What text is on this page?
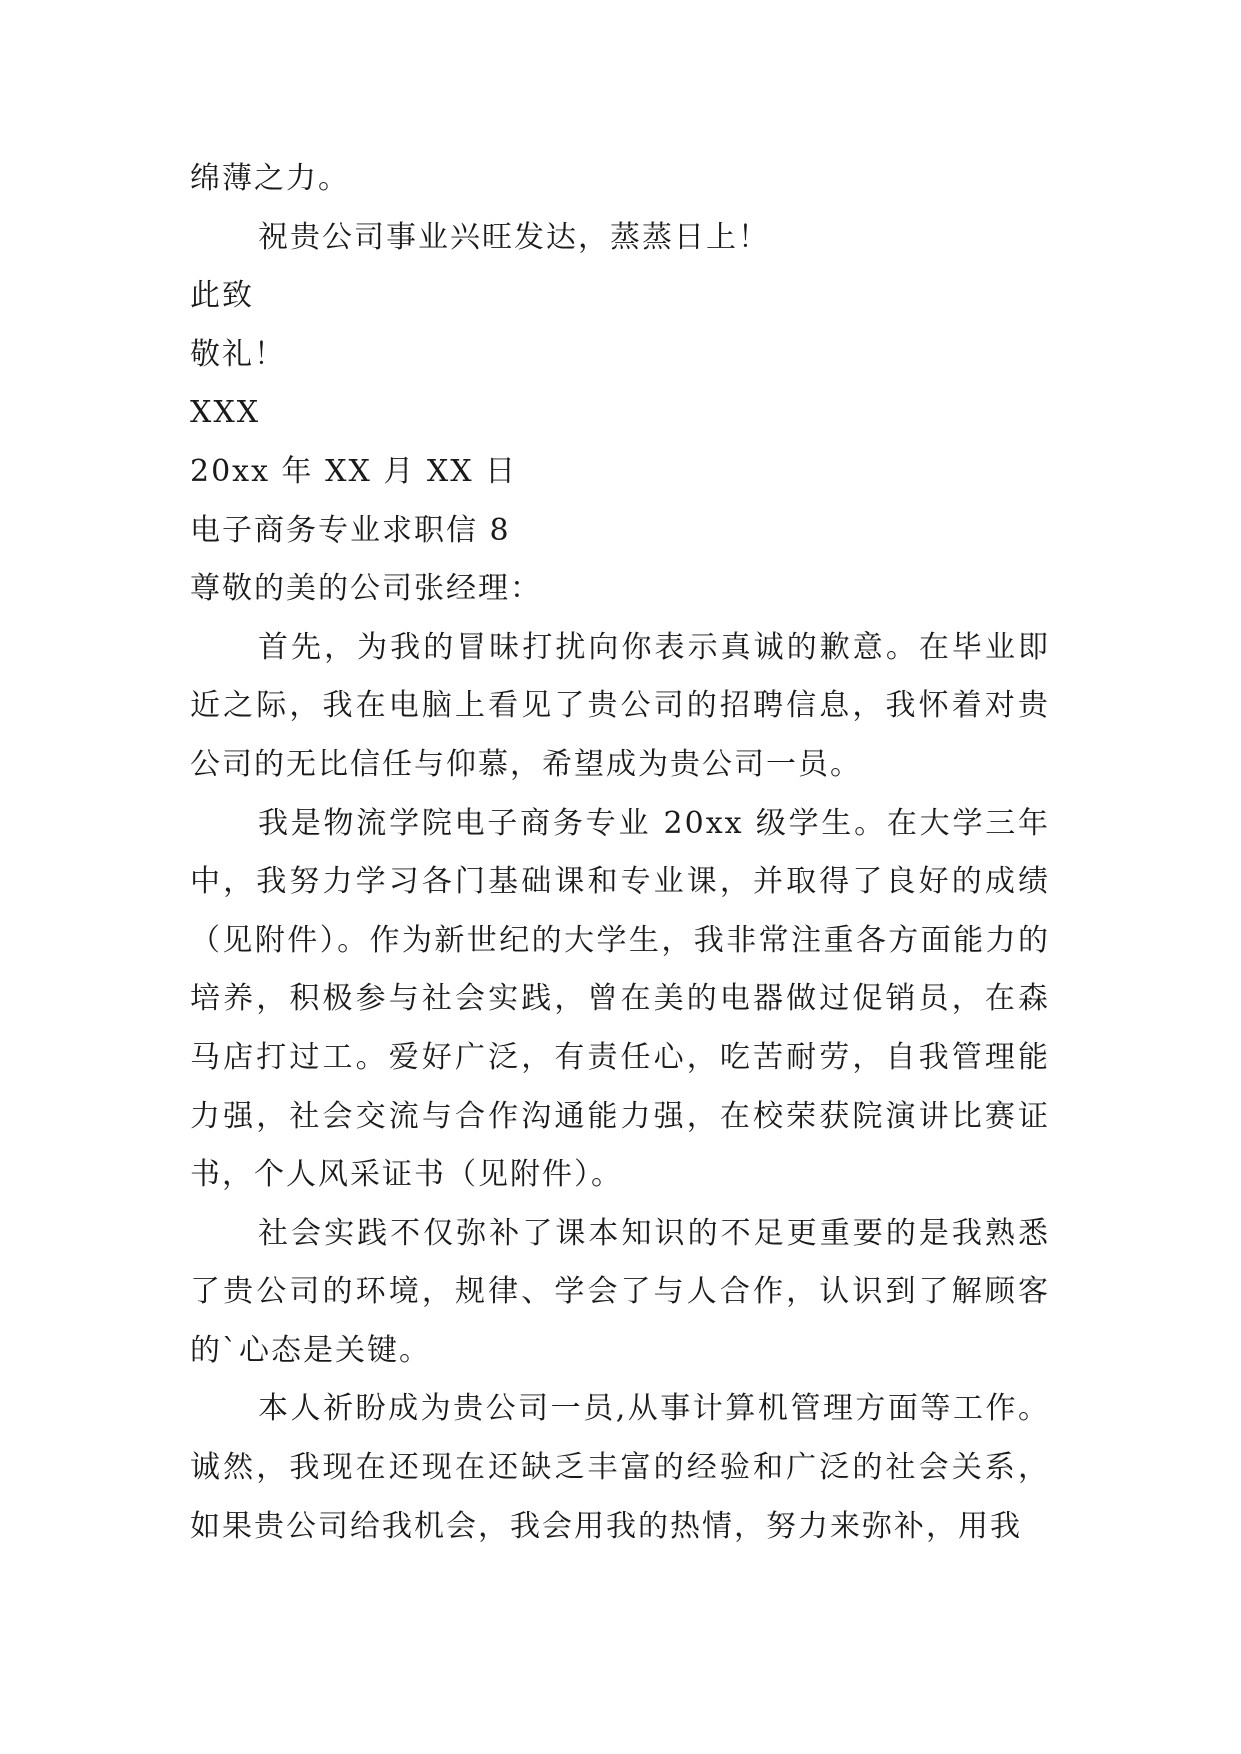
绵薄之力。
祝贵公司事业兴旺发达，蒸蒸日上！
此致
敬礼！
XXX
20xx 年 XX 月 XX 日
电子商务专业求职信 8
尊敬的美的公司张经理：

首先，为我的冒昧打扰向你表示真诚的歉意。在毕业即近之际，我在电脑上看见了贵公司的招聘信息，我怀着对贵公司的无比信任与仰慕，希望成为贵公司一员。

我是物流学院电子商务专业 20xx 级学生。在大学三年中，我努力学习各门基础课和专业课，并取得了良好的成绩（见附件）。作为新世纪的大学生，我非常注重各方面能力的培养，积极参与社会实践，曾在美的电器做过促销员，在森马店打过工。爱好广泛，有责任心，吃苦耐劳，自我管理能力强，社会交流与合作沟通能力强，在校荣获院演讲比赛证书，个人风采证书（见附件）。

社会实践不仅弥补了课本知识的不足更重要的是我熟悉了贵公司的环境，规律、学会了与人合作，认识到了解顾客的`心态是关键。

本人祈盼成为贵公司一员,从事计算机管理方面等工作。诚然，我现在还现在还缺乏丰富的经验和广泛的社会关系，如果贵公司给我机会，我会用我的热情，努力来弥补，用我
